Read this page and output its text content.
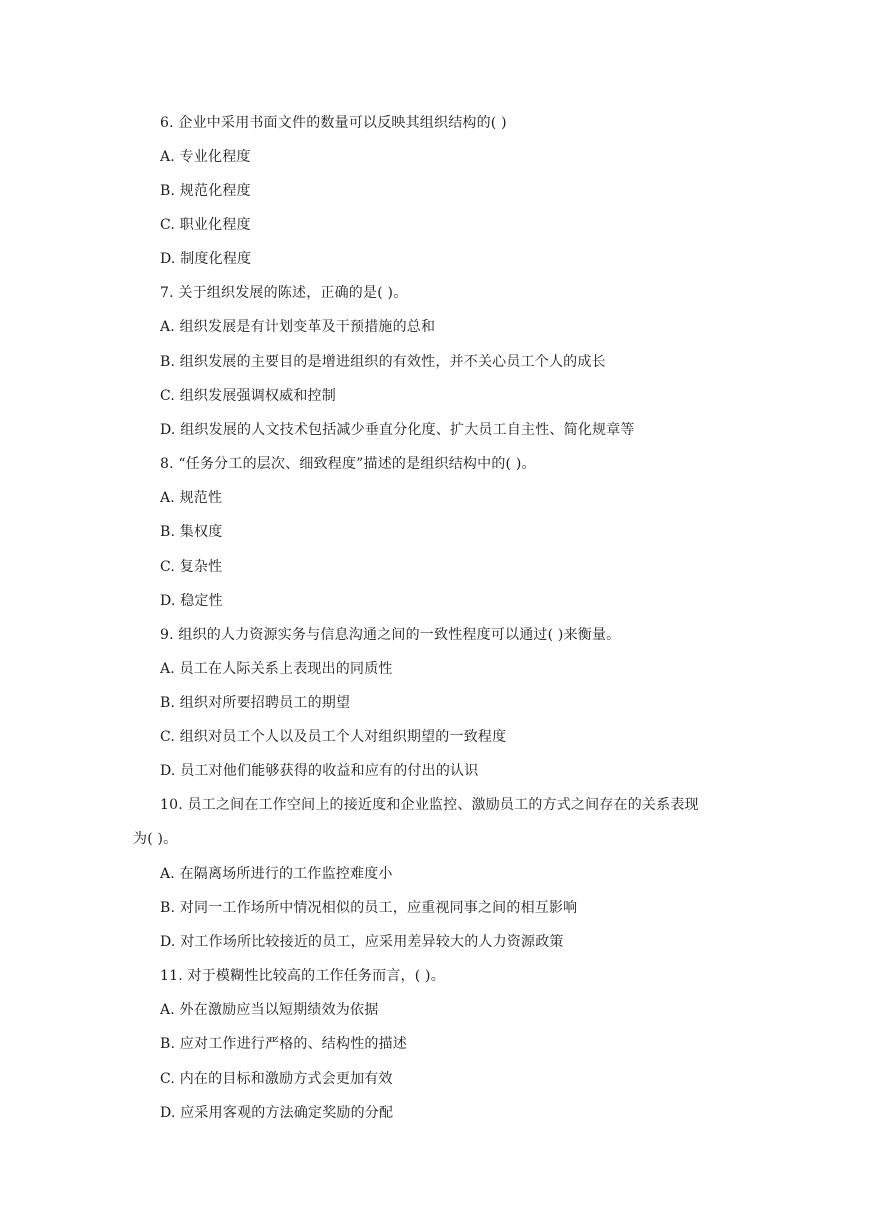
6. 企业中采用书面文件的数量可以反映其组织结构的( )

A. 专业化程度

B. 规范化程度

C. 职业化程度

D. 制度化程度

7. 关于组织发展的陈述，正确的是( )。

A. 组织发展是有计划变革及干预措施的总和

B. 组织发展的主要目的是增进组织的有效性，并不关心员工个人的成长

C. 组织发展强调权威和控制

D. 组织发展的人文技术包括减少垂直分化度、扩大员工自主性、简化规章等

8. “任务分工的层次、细致程度”描述的是组织结构中的( )。

A. 规范性

B. 集权度

C. 复杂性

D. 稳定性

9. 组织的人力资源实务与信息沟通之间的一致性程度可以通过( )来衡量。

A. 员工在人际关系上表现出的同质性

B. 组织对所要招聘员工的期望

C. 组织对员工个人以及员工个人对组织期望的一致程度

D. 员工对他们能够获得的收益和应有的付出的认识

10. 员工之间在工作空间上的接近度和企业监控、激励员工的方式之间存在的关系表现

为( )。

A. 在隔离场所进行的工作监控难度小

B. 对同一工作场所中情况相似的员工，应重视同事之间的相互影响

D. 对工作场所比较接近的员工，应采用差异较大的人力资源政策

11. 对于模糊性比较高的工作任务而言，( )。

A. 外在激励应当以短期绩效为依据

B. 应对工作进行严格的、结构性的描述

C. 内在的目标和激励方式会更加有效

D. 应采用客观的方法确定奖励的分配
